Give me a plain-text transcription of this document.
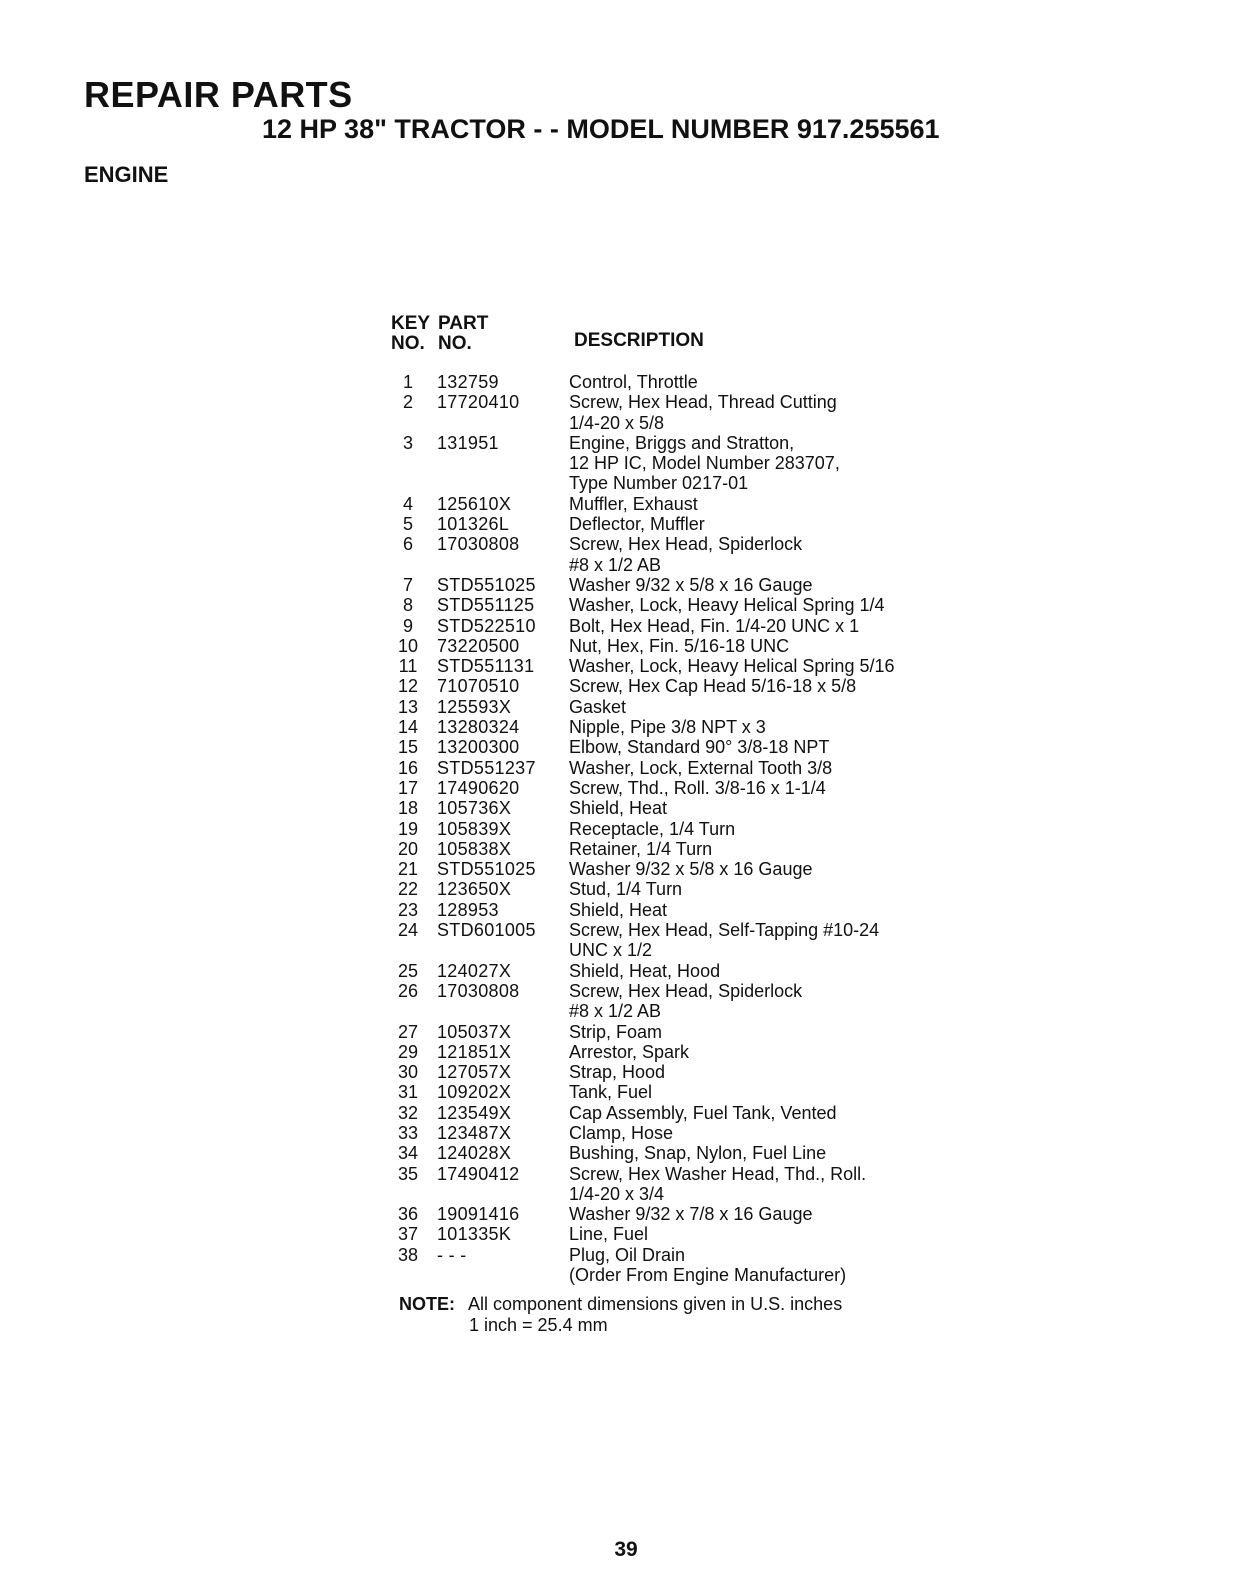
REPAIR PARTS
12 HP 38" TRACTOR - - MODEL NUMBER 917.255561
ENGINE
KEY PART
NO. NO.	DESCRIPTION
1	132759	Control, Throttle
2	17720410	Screw, Hex Head, Thread Cutting
1/4-20 x 5/8
3	131951	Engine, Briggs and Stratton,
12 HP IC, Model Number 283707,
Type Number 0217-01
4	125610X	Muffler, Exhaust
5	101326L	Deflector, Muffler
6	17030808	Screw, Hex Head, Spiderlock
#8 x 1/2 AB
7	STD551025	Washer 9/32 x 5/8 x 16 Gauge
8	STD551125	Washer, Lock, Heavy Helical Spring 1/4
9	STD522510	Bolt, Hex Head, Fin. 1/4-20 UNC x 1
10	73220500	Nut, Hex, Fin. 5/16-18 UNC
11	STD551131	Washer, Lock, Heavy Helical Spring 5/16
12	71070510	Screw, Hex Cap Head 5/16-18 x 5/8
13	125593X	Gasket
14	13280324	Nipple, Pipe 3/8 NPT x 3
15	13200300	Elbow, Standard 90° 3/8-18 NPT
16	STD551237	Washer, Lock, External Tooth 3/8
17	17490620	Screw, Thd., Roll. 3/8-16 x 1-1/4
18	105736X	Shield, Heat
19	105839X	Receptacle, 1/4 Turn
20	105838X	Retainer, 1/4 Turn
21	STD551025	Washer 9/32 x 5/8 x 16 Gauge
22	123650X	Stud, 1/4 Turn
23	128953	Shield, Heat
24	STD601005	Screw, Hex Head, Self-Tapping #10-24
UNC x 1/2
25	124027X	Shield, Heat, Hood
26	17030808	Screw, Hex Head, Spiderlock
#8 x 1/2 AB
27	105037X	Strip, Foam
29	121851X	Arrestor, Spark
30	127057X	Strap, Hood
31	109202X	Tank, Fuel
32	123549X	Cap Assembly, Fuel Tank, Vented
33	123487X	Clamp, Hose
34	124028X	Bushing, Snap, Nylon, Fuel Line
35	17490412	Screw, Hex Washer Head, Thd., Roll.
1/4-20 x 3/4
36	19091416	Washer 9/32 x 7/8 x 16 Gauge
37	101335K	Line, Fuel
38	- - -	Plug, Oil Drain
(Order From Engine Manufacturer)
NOTE: All component dimensions given in U.S. inches
1 inch = 25.4 mm
39
